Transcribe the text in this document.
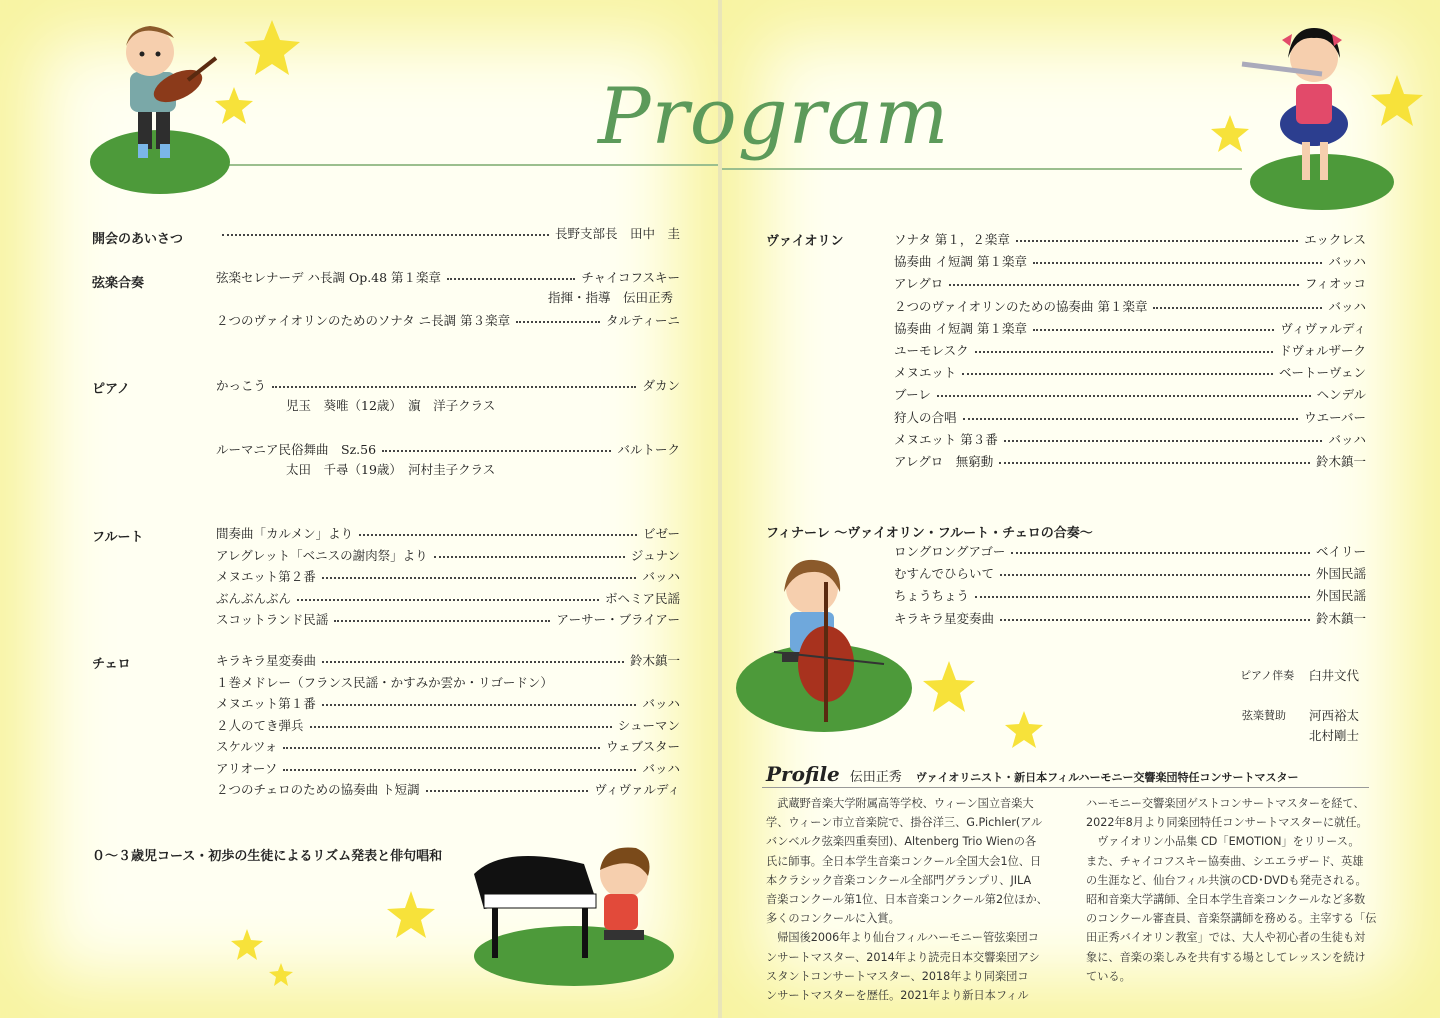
開会のあいさつ	長野支部長　田中　圭
弦楽合奏	弦楽セレナーデ ハ長調 Op.48 第１楽章	チャイコフスキー
指揮・指導　伝田正秀
２つのヴァイオリンのためのソナタ ニ長調 第３楽章	タルティーニ
ピアノ	かっこう	ダカン
児玉　葵唯（12歳）　濵　洋子クラス
ルーマニア民俗舞曲　Sz.56	バルトーク
太田　千尋（19歳）　河村圭子クラス
フルート	間奏曲「カルメン」より	ビゼー
アレグレット「ベニスの謝肉祭」より	ジュナン
メヌエット第２番	バッハ
ぶんぶんぶん	ボヘミア民謡
スコットランド民謡	アーサー・ブライアー
チェロ	キラキラ星変奏曲	鈴木鎮一
１巻メドレー（フランス民謡・かすみか雲か・リゴードン）
メヌエット第１番	バッハ
２人のてき弾兵	シューマン
スケルツォ	ウェブスター
アリオーソ	バッハ
２つのチェロのための協奏曲 ト短調	ヴィヴァルディ
０～３歳児コース・初歩の生徒によるリズム発表と俳句唱和
ヴァイオリン	ソナタ 第１，２楽章	エックレス
協奏曲 イ短調 第１楽章	バッハ
アレグロ	フィオッコ
２つのヴァイオリンのための協奏曲 第１楽章	バッハ
協奏曲 イ短調 第１楽章	ヴィヴァルディ
ユーモレスク	ドヴォルザーク
メヌエット	ベートーヴェン
ブーレ	ヘンデル
狩人の合唱	ウエーバー
メヌエット 第３番	バッハ
アレグロ　無窮動	鈴木鎮一
フィナーレ ～ヴァイオリン・フルート・チェロの合奏～
ロングロングアゴー	ベイリー
むすんでひらいて	外国民謡
ちょうちょう	外国民謡
キラキラ星変奏曲	鈴木鎮一
ピアノ伴奏 臼井文代
弦楽賛助 河西裕太
北村剛士
Program
Profile 伝田正秀 ヴァイオリニスト・新日本フィルハーモニー交響楽団特任コンサートマスター
　武蔵野音楽大学附属高等学校、ウィーン国立音楽大
学、ウィーン市立音楽院で、掛谷洋三、G.Pichler(アル
バンベルク弦楽四重奏団)、Altenberg Trio Wienの各
氏に師事。全日本学生音楽コンクール全国大会1位、日
本クラシック音楽コンクール全部門グランプリ、JILA
音楽コンクール第1位、日本音楽コンクール第2位ほか、
多くのコンクールに入賞。
　帰国後2006年より仙台フィルハーモニー管弦楽団コ
ンサートマスター、2014年より読売日本交響楽団アシ
スタントコンサートマスター、2018年より同楽団コ
ンサートマスターを歴任。2021年より新日本フィル
ハーモニー交響楽団ゲストコンサートマスターを経て、
2022年8月より同楽団特任コンサートマスターに就任。
　ヴァイオリン小品集 CD「EMOTION」をリリース。
また、チャイコフスキー協奏曲、シエエラザード、英雄
の生涯など、仙台フィル共演のCD･DVDも発売される。
昭和音楽大学講師、全日本学生音楽コンクールなど多数
のコンクール審査員、音楽祭講師を務める。主宰する「伝
田正秀バイオリン教室」では、大人や初心者の生徒も対
象に、音楽の楽しみを共有する場としてレッスンを続け
ている。
